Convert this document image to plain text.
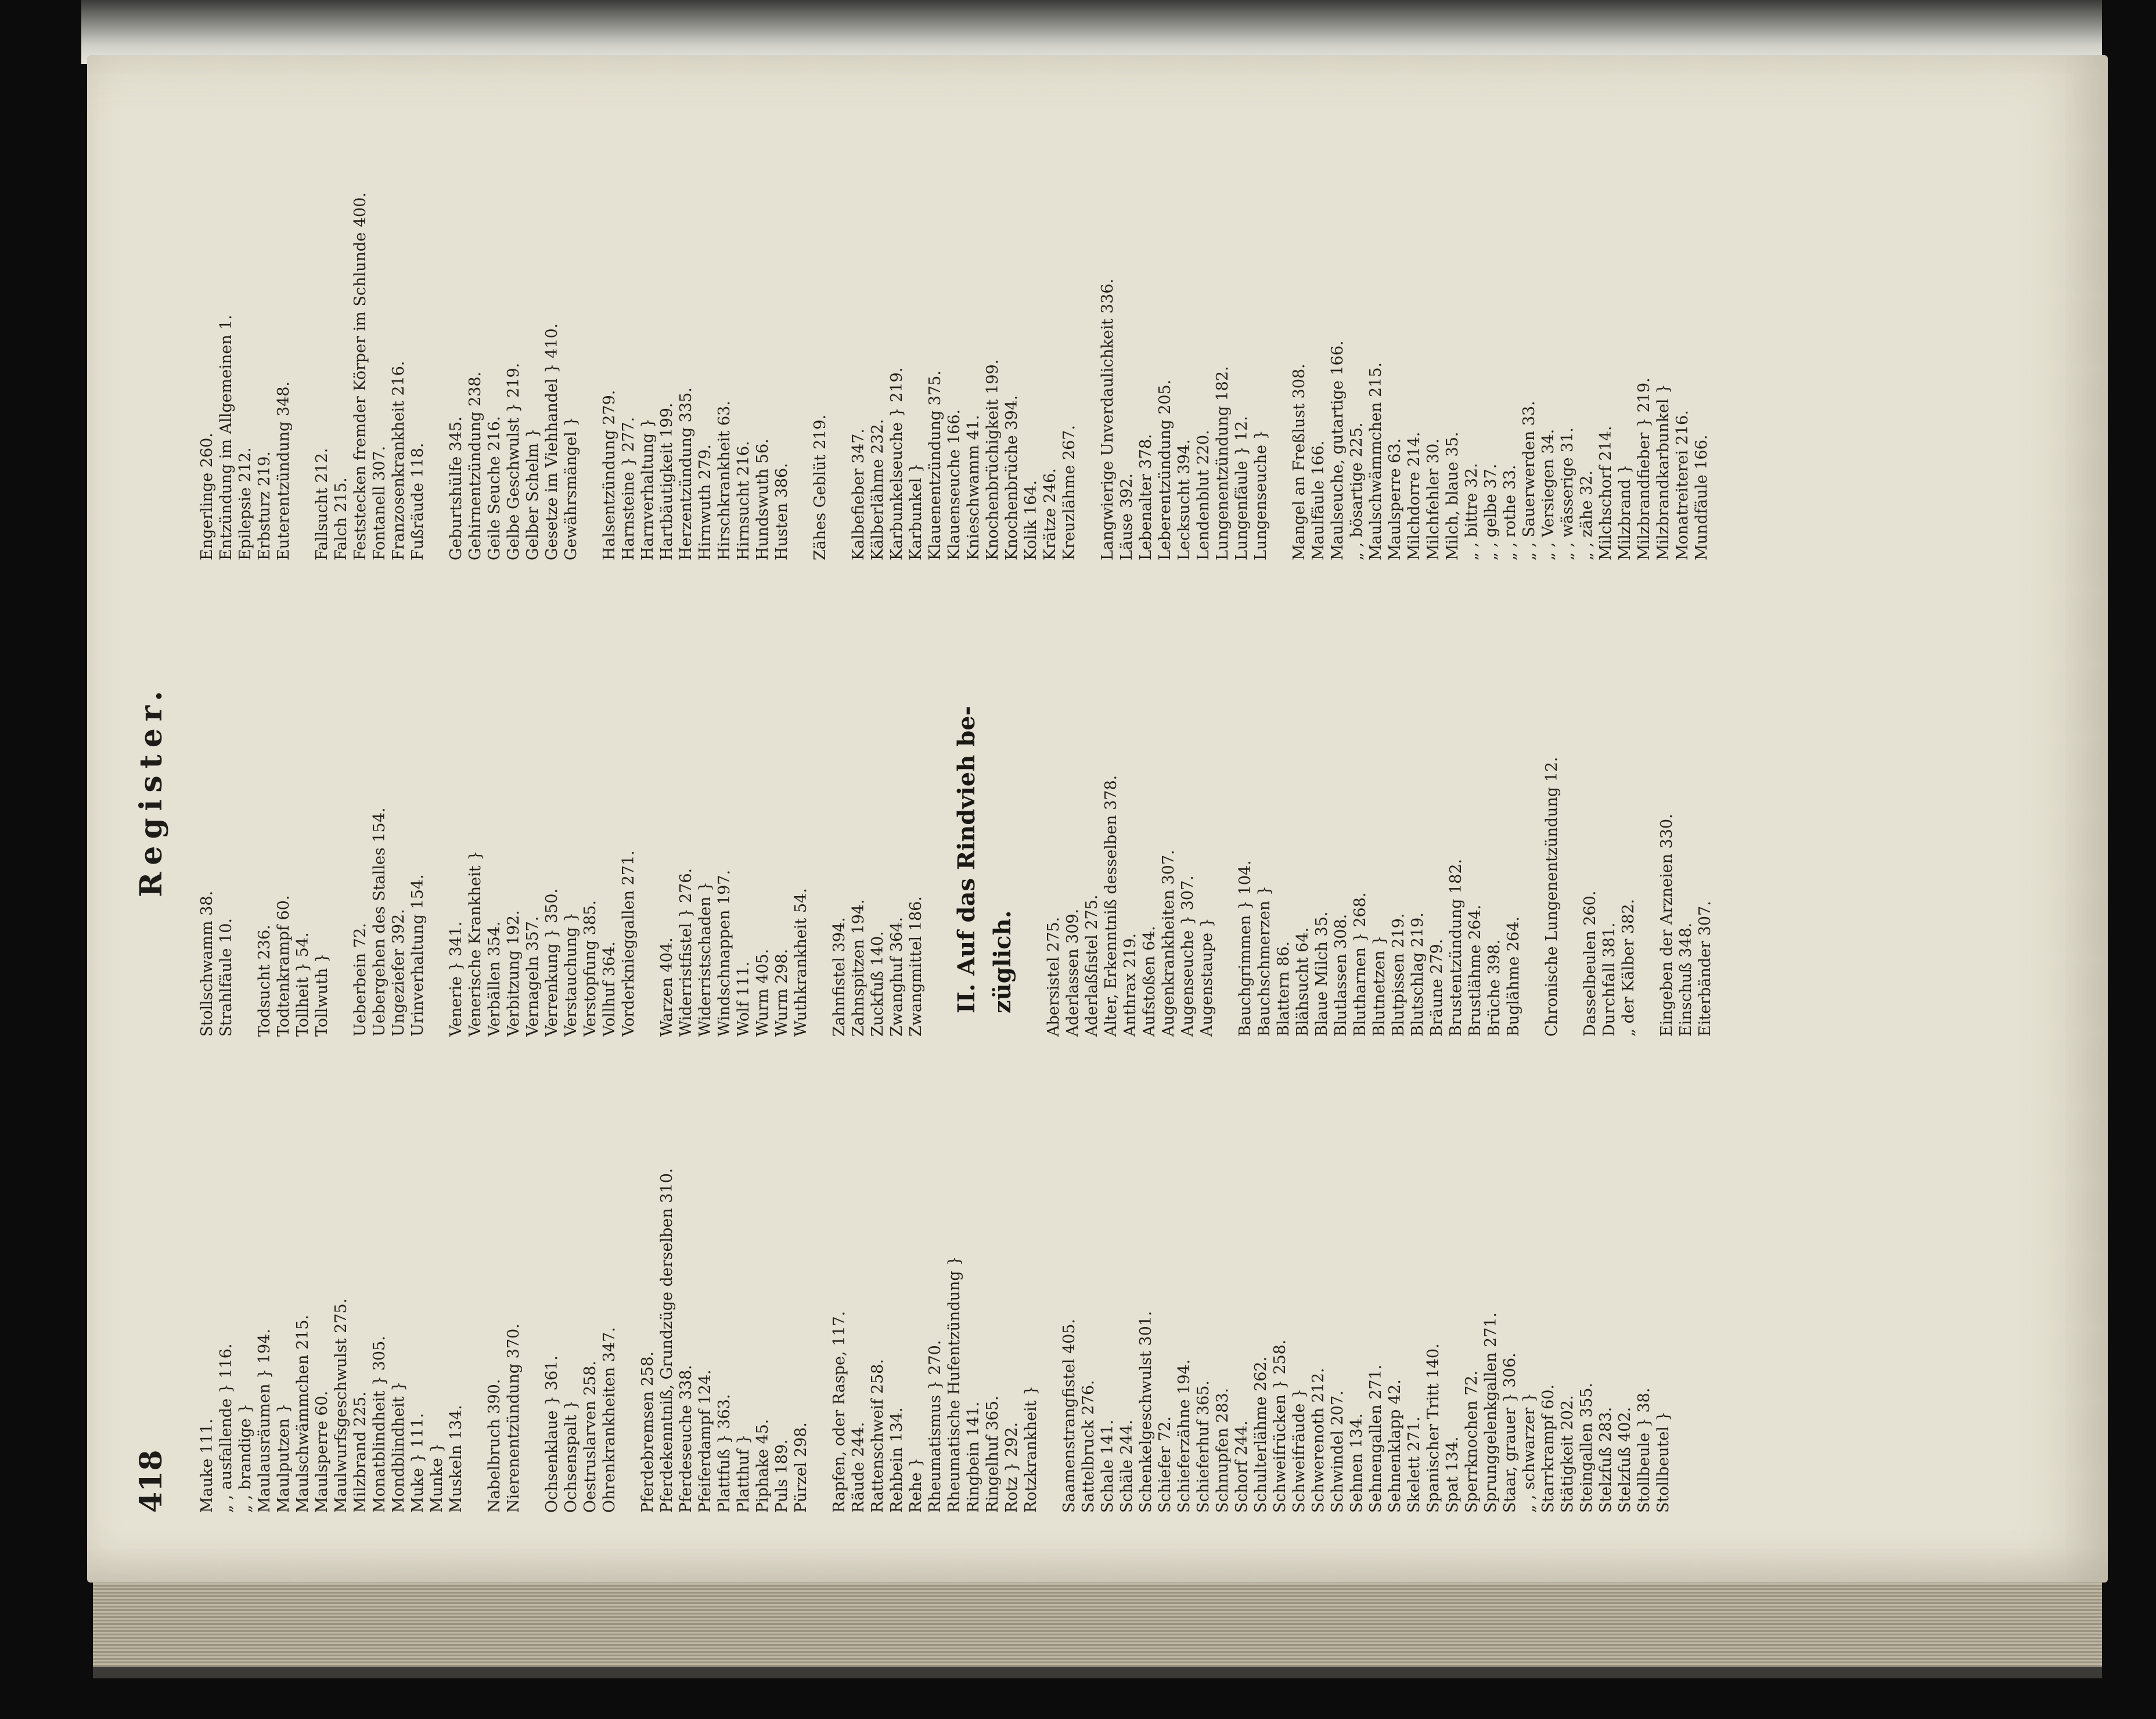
418
Register.
Mauke 111. „ , ausfallende } 116. „ , brandige } Maulausräumen } 194. Maulputzen } Maulschwämmchen 215. Maulsperre 60. Maulwurfsgeschwulst 275. Milzbrand 225. Monatblindheit } 305. Mondblindheit } Muke } 111. Munke } Muskeln 134. Nabelbruch 390. Nierenentzündung 370. Ochsenklaue } 361. Ochsenspalt } Oestruslarven 258. Ohrenkrankheiten 347. Pferdebremsen 258. Pferdekenntniß, Grundzüge derselben 310. Pferdeseuche 338. Pfeiferdampf 124. Plattfuß } 363. Platthuf } Piphake 45. Puls 189. Pürzel 298. Rapfen, oder Raspe, 117. Räude 244. Rattenschweif 258. Rehbein 134. Rehe } Rheumatismus } 270. Rheumatische Hufentzündung } Ringbein 141. Ringelhuf 365. Rotz } 292. Rotzkrankheit } Saamenstrangfistel 405. Sattelbruck 276. Schale 141. Schäle 244. Schenkelgeschwulst 301. Schiefer 72. Schieferzähne 194. Schieferhuf 365. Schnupfen 283. Schorf 244. Schulterlähme 262. Schweifrücken } 258. Schweifräude } Schwerenoth 212. Schwindel 207. Sehnen 134. Sehnengallen 271. Sehnenklapp 42. Skelett 271. Spanischer Tritt 140. Spat 134. Sperrknochen 72. Sprunggelenkgallen 271. Staar, grauer } 306. „ , schwarzer } Starrkrampf 60. Stätigkeit 202. Steingallen 355. Stelzfuß 283. Stelzfuß 402. Stollbeule } 38. Stollbeutel }
Stollschwamm 38. Strahlfäule 10. Todsucht 236. Todtenkrampf 60. Tollheit } 54. Tollwuth } Ueberbein 72. Uebergehen des Stalles 154. Ungeziefer 392. Urinverhaltung 154. Venerie } 341. Venerische Krankheit } Verbällen 354. Verbitzung 192. Vernageln 357. Verrenkung } 350. Verstauchung } Verstopfung 385. Vollhuf 364. Vorderknieggallen 271. Warzen 404. Widerristfistel } 276. Widerristschaden } Windschnappen 197. Wolf 111. Wurm 405. Wurm 298. Wuthkrankheit 54. Zahnfistel 394. Zahnspitzen 194. Zuckfuß 140. Zwanghuf 364. Zwangmittel 186. II. Auf das Rindvieh be- züglich. Abersistel 275. Aderlassen 309. Aderlaßfistel 275. Alter, Erkenntniß desselben 378. Anthrax 219. Aufstoßen 64. Augenkrankheiten 307. Augenseuche } 307. Augenstaupe } Bauchgrimmen } 104. Bauchschmerzen } Blattern 86. Blähsucht 64. Blaue Milch 35. Blutlassen 308. Blutharnen } 268. Blutnetzen } Blutpissen 219. Blutschlag 219. Bräune 279. Brustentzündung 182. Brustlähme 264. Brüche 398. Buglähme 264. Chronische Lungenentzündung 12. Dasselbeulen 260. Durchfall 381. „ der Kälber 382. Eingeben der Arzneien 330. Einschuß 348. Eiterbänder 307.
Engerlinge 260. Entzündung im Allgemeinen 1. Epilepsie 212. Erbsturz 219. Euterentzündung 348. Fallsucht 212. Falch 215. Feststecken fremder Körper im Schlunde 400. Fontanell 307. Franzosenkrankheit 216. Fußräude 118. Geburtshülfe 345. Gehirnentzündung 238. Geile Seuche 216. Gelbe Geschwulst } 219. Gelber Schelm } Gesetze im Viehhandel } 410. Gewährsmängel } Halsentzündung 279. Harnsteine } 277. Harnverhaltung } Hartbäutigkeit 199. Herzentzündung 335. Hirnwuth 279. Hirschkrankheit 63. Hirnsucht 216. Hundswuth 56. Husten 386. Zähes Geblüt 219. Kalbefieber 347. Kälberlähme 232. Karbunkelseuche } 219. Karbunkel } Klauenentzündung 375. Klauenseuche 166. Knieschwamm 41. Knochenbrüchigkeit 199. Knochenbrüche 394. Kolik 164. Krätze 246. Kreuzlähme 267. Langwierige Unverdaulichkeit 336. Läuse 392. Lebenalter 378. Leberentzündung 205. Lecksucht 394. Lendenblut 220. Lungenentzündung 182. Lungenfäule } 12. Lungenseuche } Mangel an Freßlust 308. Maulfäule 166. Maulseuche, gutartige 166. „ , bösartige 225. Maulschwämmchen 215. Maulsperre 63. Milchdorre 214. Milchfehler 30. Milch, blaue 35. „ , bittre 32. „ , gelbe 37. „ , rothe 33. „ , Sauerwerden 33. „ , Versiegen 34. „ , wässerige 31. „ , zähe 32. Milchschorf 214. Milzbrand } Milzbrandfieber } 219. Milzbrandkarbunkel } Monatreiterei 216. Mundfäule 166.
